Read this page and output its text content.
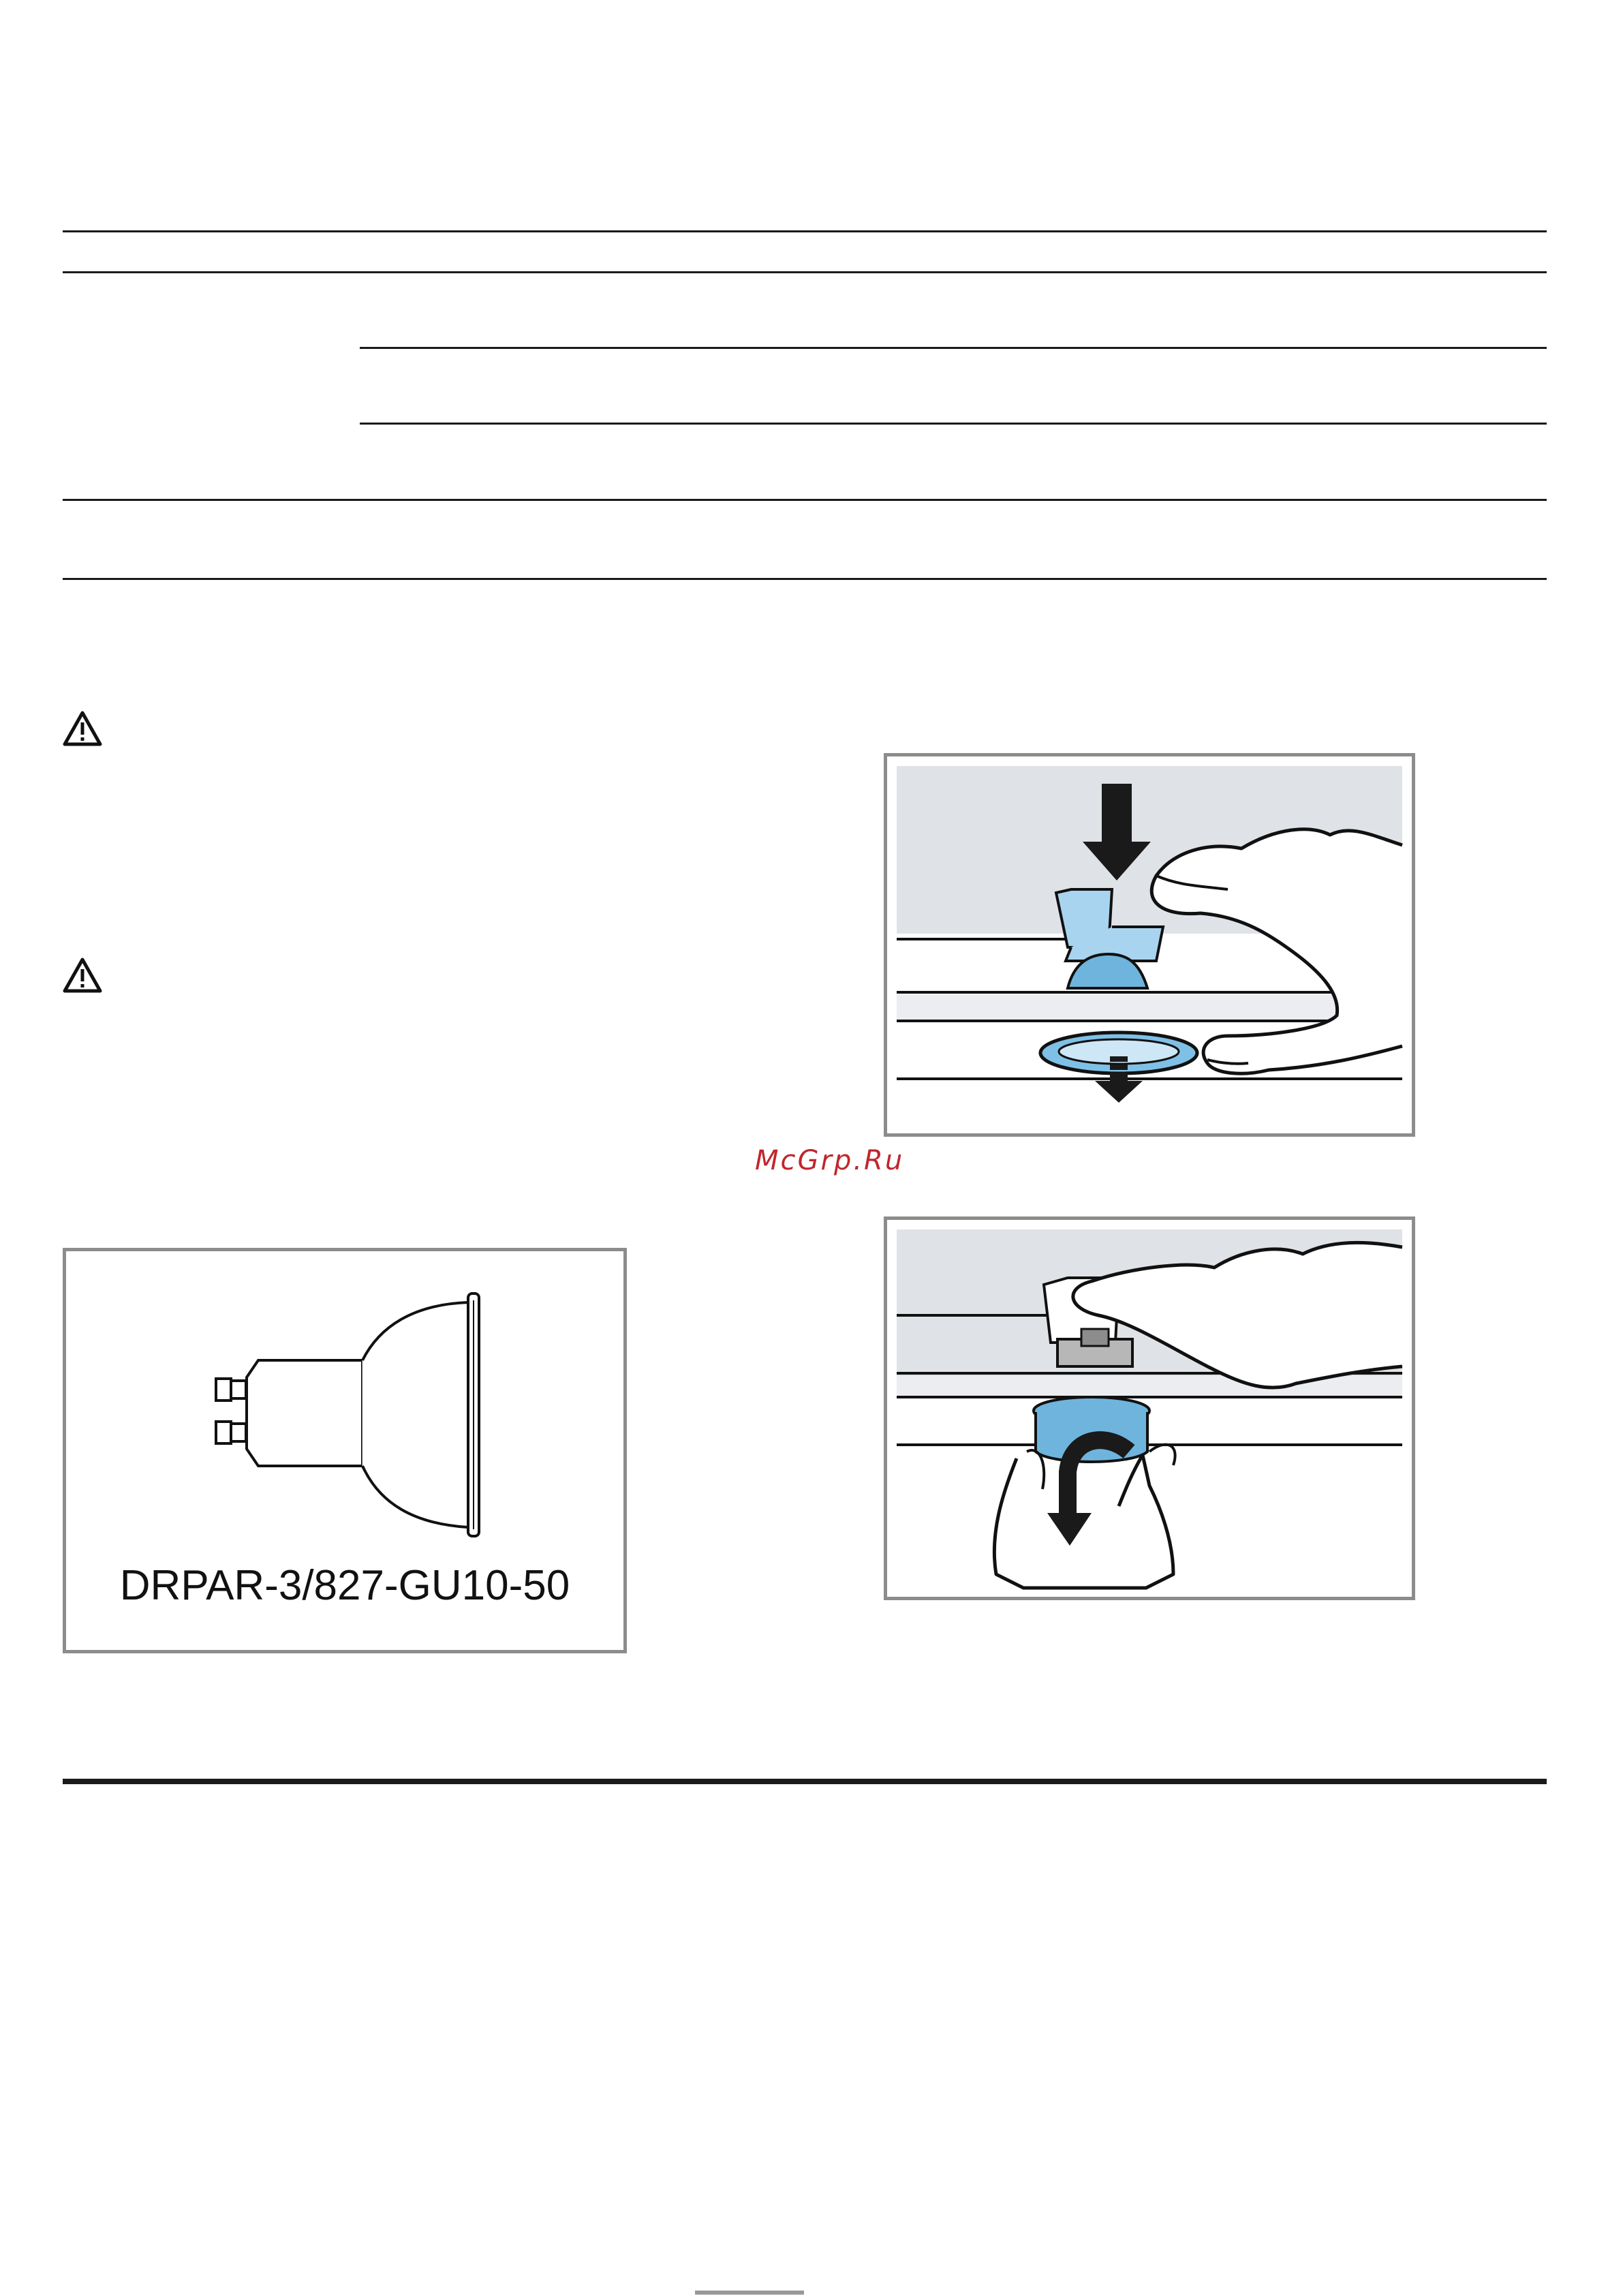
McGrp.Ru
DRPAR-3/827-GU10-50
